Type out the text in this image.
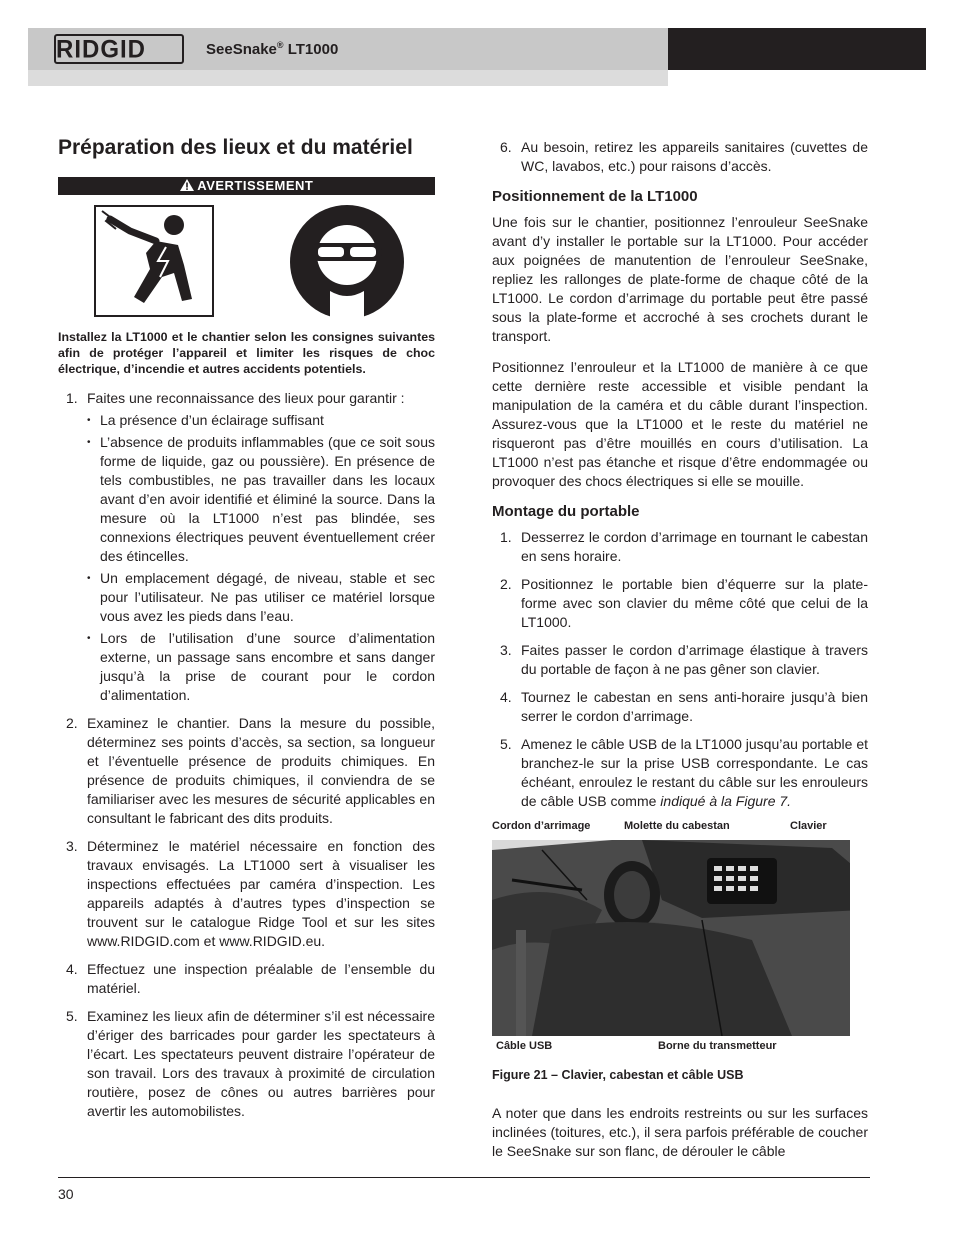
RIDGID	SeeSnake® LT1000
Préparation des lieux et du matériel
AVERTISSEMENT
Installez la LT1000 et le chantier selon les consignes suivantes afin de protéger l’appareil et limiter les risques de choc électrique, d’incendie et autres accidents potentiels.
1. Faites une reconnaissance des lieux pour garantir :
• La présence d’un éclairage suffisant
• L’absence de produits inflammables (que ce soit sous forme de liquide, gaz ou poussière). En présence de tels combustibles, ne pas travailler dans les locaux avant d’en avoir identifié et éliminé la source. Dans la mesure où la LT1000 n’est pas blindée, ses connexions électriques peuvent éventuellement créer des étincelles.
• Un emplacement dégagé, de niveau, stable et sec pour l’utilisateur. Ne pas utiliser ce matériel lorsque vous avez les pieds dans l’eau.
• Lors de l’utilisation d’une source d’alimentation externe, un passage sans encombre et sans danger jusqu’à la prise de courant pour le cordon d’alimentation.
2. Examinez le chantier. Dans la mesure du possible, déterminez ses points d’accès, sa section, sa longueur et l’éventuelle présence de produits chimiques. En présence de produits chimiques, il conviendra de se familiariser avec les mesures de sécurité applicables en consultant le fabricant des dits produits.
3. Déterminez le matériel nécessaire en fonction des travaux envisagés. La LT1000 sert à visualiser les inspections effectuées par caméra d’inspection. Les appareils adaptés à d’autres types d’inspection se trouvent sur le catalogue Ridge Tool et sur les sites www.RIDGID.com et www.RIDGID.eu.
4. Effectuez une inspection préalable de l’ensemble du matériel.
5. Examinez les lieux afin de déterminer s’il est nécessaire d’ériger des barricades pour garder les spectateurs à l’écart. Les spectateurs peuvent distraire l’opérateur de son travail. Lors des travaux à proximité de circulation routière, posez de cônes ou autres barrières pour avertir les automobilistes.
6. Au besoin, retirez les appareils sanitaires (cuvettes de WC, lavabos, etc.) pour raisons d’accès.
Positionnement de la LT1000

Une fois sur le chantier, positionnez l’enrouleur SeeSnake avant d’y installer le portable sur la LT1000. Pour accéder aux poignées de manutention de l’enrouleur SeeSnake, repliez les rallonges de plate-forme de chaque côté de la LT1000. Le cordon d’arrimage du portable peut être passé sous la plate-forme et accroché à ses crochets durant le transport.

Positionnez l’enrouleur et la LT1000 de manière à ce que cette dernière reste accessible et visible pendant la manipulation de la caméra et du câble durant l’inspection. Assurez-vous que la LT1000 et le reste du matériel ne risqueront pas d’être mouillés en cours d’utilisation. La LT1000 n’est pas étanche et risque d’être endommagée ou provoquer des chocs électriques si elle se mouille.

Montage du portable
1. Desserrez le cordon d’arrimage en tournant le cabestan en sens horaire.
2. Positionnez le portable bien d’équerre sur la plate-forme avec son clavier du même côté que celui de la LT1000.
3. Faites passer le cordon d’arrimage élastique à travers du portable de façon à ne pas gêner son clavier.
4. Tournez le cabestan en sens anti-horaire jusqu’à bien serrer le cordon d’arrimage.
5. Amenez le câble USB de la LT1000 jusqu’au portable et branchez-le sur la prise USB correspondante. Le cas échéant, enroulez le restant du câble sur les enrouleurs de câble USB comme indiqué à la Figure 7.
Cordon d’arrimage	Molette du cabestan	Clavier
Câble USB	Borne du transmetteur
Figure 21 – Clavier, cabestan et câble USB

A noter que dans les endroits restreints ou sur les surfaces inclinées (toitures, etc.), il sera parfois préférable de coucher le SeeSnake sur son flanc, de dérouler le câble

30
